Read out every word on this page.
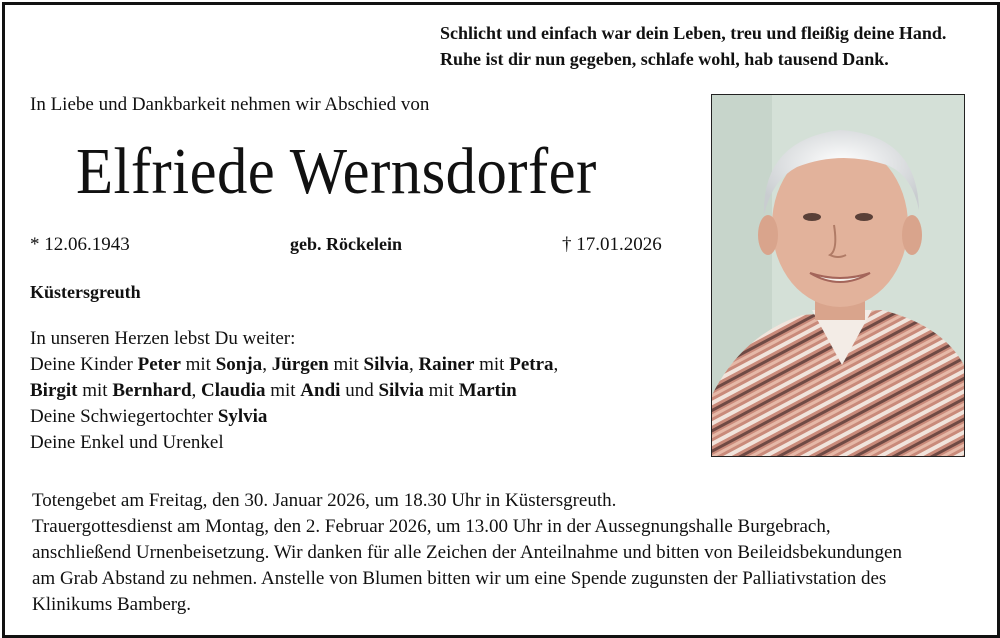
Schlicht und einfach war dein Leben, treu und fleißig deine Hand.
Ruhe ist dir nun gegeben, schlafe wohl, hab tausend Dank.
In Liebe und Dankbarkeit nehmen wir Abschied von
Elfriede Wernsdorfer
* 12.06.1943	geb. Röckelein	† 17.01.2026
Küstersgreuth
In unseren Herzen lebst Du weiter:
Deine Kinder Peter mit Sonja, Jürgen mit Silvia, Rainer mit Petra,
Birgit mit Bernhard, Claudia mit Andi und Silvia mit Martin
Deine Schwiegertochter Sylvia
Deine Enkel und Urenkel
Totengebet am Freitag, den 30. Januar 2026, um 18.30 Uhr in Küstersgreuth.
Trauergottesdienst am Montag, den 2. Februar 2026, um 13.00 Uhr in der Aussegnungshalle Burgebrach,
anschließend Urnenbeisetzung. Wir danken für alle Zeichen der Anteilnahme und bitten von Beileidsbekundungen
am Grab Abstand zu nehmen. Anstelle von Blumen bitten wir um eine Spende zugunsten der Palliativstation des
Klinikums Bamberg.
